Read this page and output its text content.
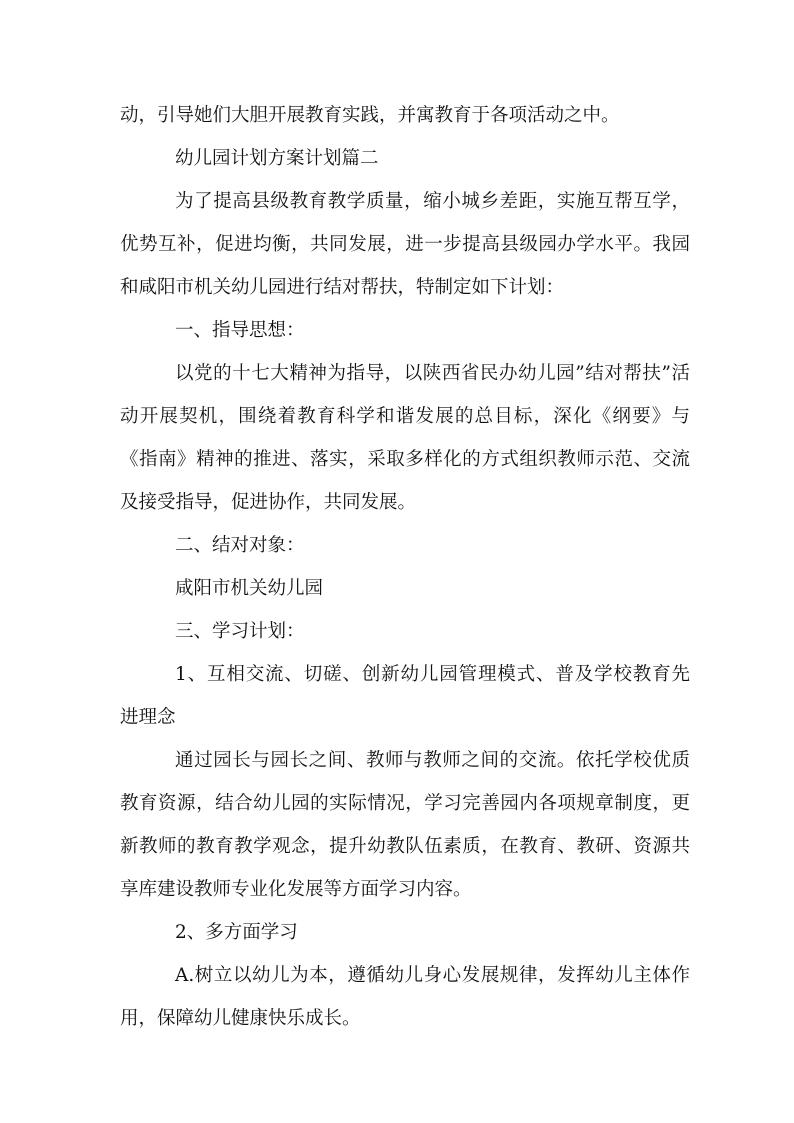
动，引导她们大胆开展教育实践，并寓教育于各项活动之中。
幼儿园计划方案计划篇二
为了提高县级教育教学质量，缩小城乡差距，实施互帮互学，
优势互补，促进均衡，共同发展，进一步提高县级园办学水平。我园
和咸阳市机关幼儿园进行结对帮扶，特制定如下计划：
一、指导思想：
以党的十七大精神为指导，以陕西省民办幼儿园”结对帮扶”活
动开展契机，围绕着教育科学和谐发展的总目标，深化《纲要》与
《指南》精神的推进、落实，采取多样化的方式组织教师示范、交流
及接受指导，促进协作，共同发展。
二、结对对象：
咸阳市机关幼儿园
三、学习计划：
1、互相交流、切磋、创新幼儿园管理模式、普及学校教育先
进理念
通过园长与园长之间、教师与教师之间的交流。依托学校优质
教育资源，结合幼儿园的实际情况，学习完善园内各项规章制度，更
新教师的教育教学观念，提升幼教队伍素质，在教育、教研、资源共
享库建设教师专业化发展等方面学习内容。
2、多方面学习
A.树立以幼儿为本，遵循幼儿身心发展规律，发挥幼儿主体作
用，保障幼儿健康快乐成长。
